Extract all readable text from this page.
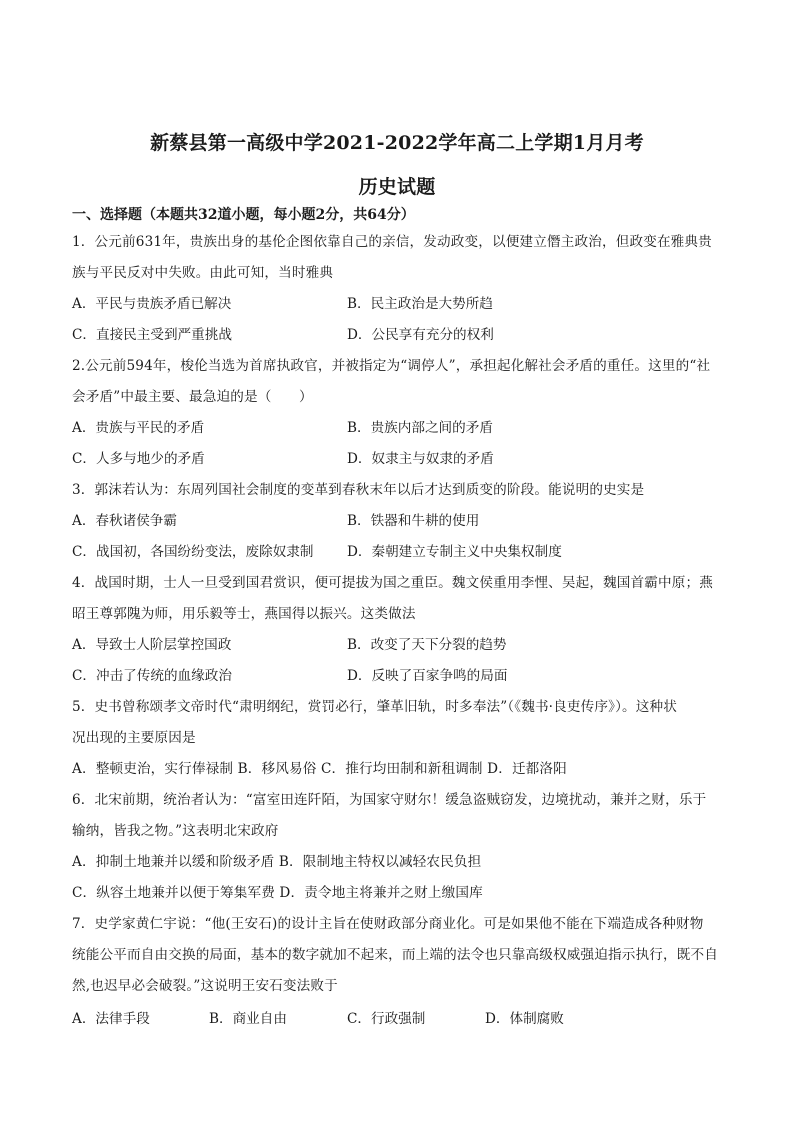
新蔡县第一高级中学2021-2022学年高二上学期1月月考
历史试题
一、选择题（本题共32道小题，每小题2分，共64分）
1．公元前631年，贵族出身的基伦企图依靠自己的亲信，发动政变，以便建立僭主政治，但政变在雅典贵
族与平民反对中失败。由此可知，当时雅典
A．平民与贵族矛盾已解决	B．民主政治是大势所趋
C．直接民主受到严重挑战	D．公民享有充分的权利
2.公元前594年，梭伦当选为首席执政官，并被指定为“调停人”，承担起化解社会矛盾的重任。这里的“社
会矛盾”中最主要、最急迫的是（　　）
A．贵族与平民的矛盾	B．贵族内部之间的矛盾
C．人多与地少的矛盾	D．奴隶主与奴隶的矛盾
3．郭沫若认为：东周列国社会制度的变革到春秋末年以后才达到质变的阶段。能说明的史实是
A．春秋诸侯争霸	B．铁器和牛耕的使用
C．战国初，各国纷纷变法，废除奴隶制 D．秦朝建立专制主义中央集权制度
4．战国时期，士人一旦受到国君赏识，便可提拔为国之重臣。魏文侯重用李悝、吴起，魏国首霸中原；燕
昭王尊郭隗为师，用乐毅等士，燕国得以振兴。这类做法
A．导致士人阶层掌控国政	B．改变了天下分裂的趋势
C．冲击了传统的血缘政治	D．反映了百家争鸣的局面
5．史书曾称颂孝文帝时代“肃明纲纪，赏罚必行，肇革旧轨，时多奉法”（《魏书·良吏传序》）。这种状
况出现的主要原因是
A．整顿吏治，实行俸禄制 B．移风易俗 C．推行均田制和新租调制 D．迁都洛阳
6．北宋前期，统治者认为：“富室田连阡陌，为国家守财尔！缓急盗贼窃发，边境扰动，兼并之财，乐于
输纳，皆我之物。”这表明北宋政府
A．抑制土地兼并以缓和阶级矛盾 B．限制地主特权以减轻农民负担
C．纵容土地兼并以便于筹集军费 D．责令地主将兼并之财上缴国库
7．史学家黄仁宇说：“他(王安石)的设计主旨在使财政部分商业化。可是如果他不能在下端造成各种财物
统能公平而自由交换的局面，基本的数字就加不起来，而上端的法令也只靠高级权威强迫指示执行，既不自
然,也迟早必会破裂。”这说明王安石变法败于
A．法律手段	B．商业自由	C．行政强制	D．体制腐败
